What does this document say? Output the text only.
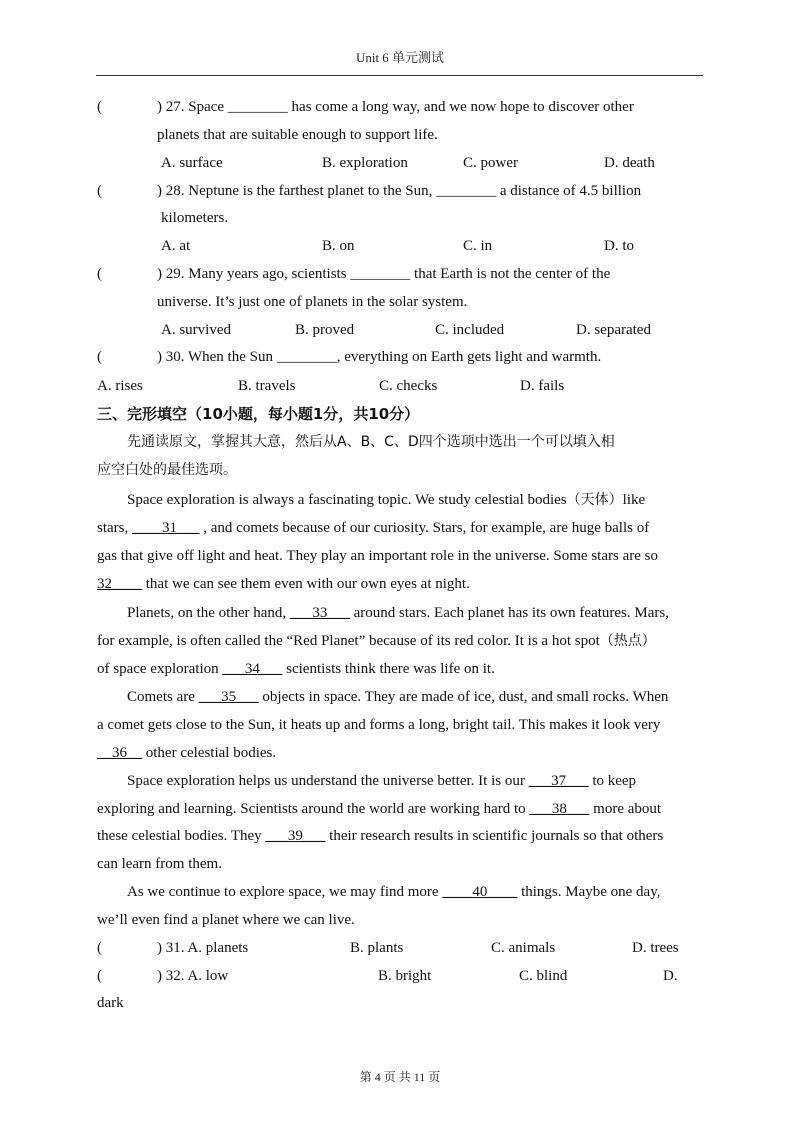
Unit 6 单元测试
(	) 27. Space ________ has come a long way, and we now hope to discover other
planets that are suitable enough to support life.
A. surface	B. exploration	C. power	D. death
(	) 28. Neptune is the farthest planet to the Sun, ________ a distance of 4.5 billion
kilometers.
A. at	B. on	C. in	D. to
(	) 29. Many years ago, scientists ________ that Earth is not the center of the
universe. It’s just one of planets in the solar system.
A. survived	B. proved	C. included	D. separated
(	) 30. When the Sun ________, everything on Earth gets light and warmth.
A. rises	B. travels	C. checks	D. fails
三、完形填空（10小题，每小题1分，共10分）
先通读原文，掌握其大意，然后从A、B、C、D四个选项中选出一个可以填入相
应空白处的最佳选项。
Space exploration is always a fascinating topic. We study celestial bodies（天体）like
stars, ____31___ , and comets because of our curiosity. Stars, for example, are huge balls of
gas that give off light and heat. They play an important role in the universe. Some stars are so
32____ that we can see them even with our own eyes at night.
Planets, on the other hand, ___33___ around stars. Each planet has its own features. Mars,
for example, is often called the “Red Planet” because of its red color. It is a hot spot（热点）
of space exploration ___34___ scientists think there was life on it.
Comets are ___35___ objects in space. They are made of ice, dust, and small rocks. When
a comet gets close to the Sun, it heats up and forms a long, bright tail. This makes it look very
__36__ other celestial bodies.
Space exploration helps us understand the universe better. It is our ___37___ to keep
exploring and learning. Scientists around the world are working hard to ___38___ more about
these celestial bodies. They ___39___ their research results in scientific journals so that others
can learn from them.
As we continue to explore space, we may find more ____40____ things. Maybe one day,
we’ll even find a planet where we can live.
(	) 31. A. planets	B. plants	C. animals	D. trees
(	) 32. A. low	B. bright	C. blind	D.
dark
第 4 页 共 11 页
